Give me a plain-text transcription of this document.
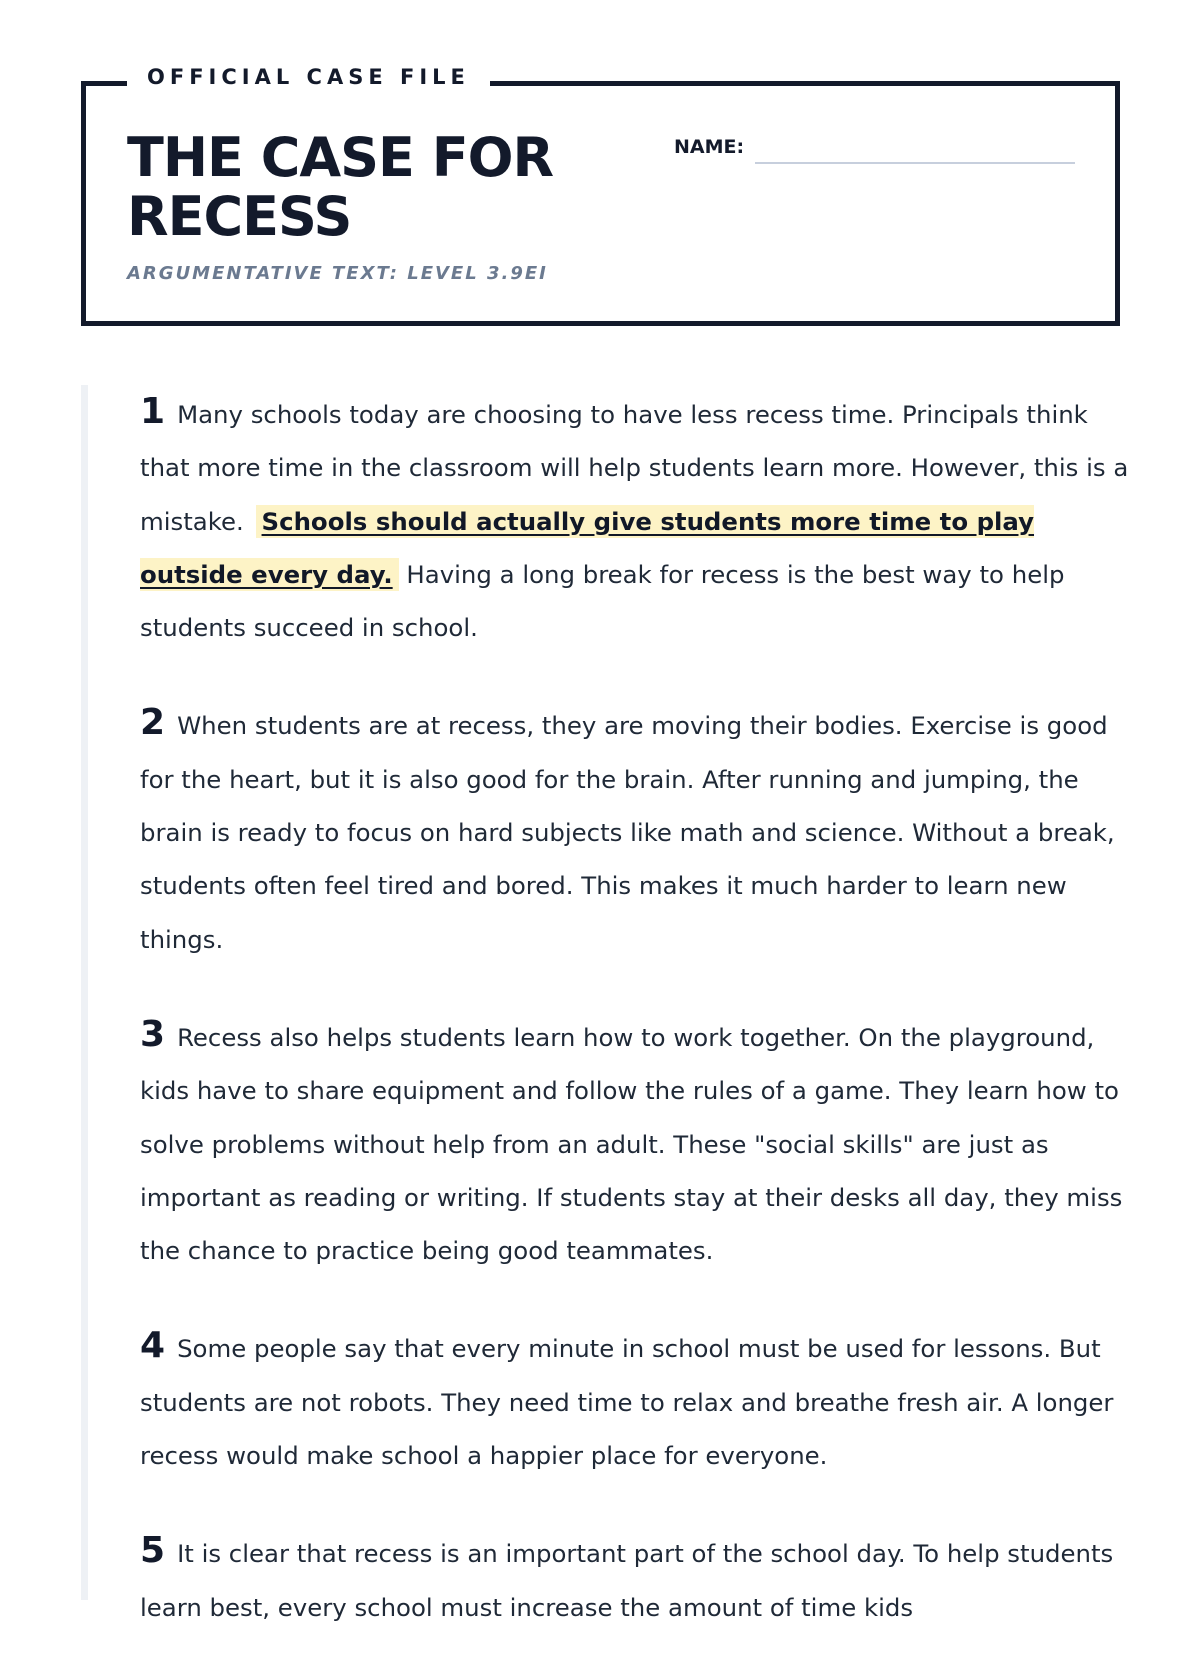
OFFICIAL CASE FILE
THE CASE FOR RECESS
ARGUMENTATIVE TEXT: LEVEL 3.9EI
NAME:

1 Many schools today are choosing to have less recess time. Principals think that more time in the classroom will help students learn more. However, this is a mistake. Schools should actually give students more time to play outside every day. Having a long break for recess is the best way to help students succeed in school.

2 When students are at recess, they are moving their bodies. Exercise is good for the heart, but it is also good for the brain. After running and jumping, the brain is ready to focus on hard subjects like math and science. Without a break, students often feel tired and bored. This makes it much harder to learn new things.

3 Recess also helps students learn how to work together. On the playground, kids have to share equipment and follow the rules of a game. They learn how to solve problems without help from an adult. These "social skills" are just as important as reading or writing. If students stay at their desks all day, they miss the chance to practice being good teammates.

4 Some people say that every minute in school must be used for lessons. But students are not robots. They need time to relax and breathe fresh air. A longer recess would make school a happier place for everyone.

5 It is clear that recess is an important part of the school day. To help students learn best, every school must increase the amount of time kids
